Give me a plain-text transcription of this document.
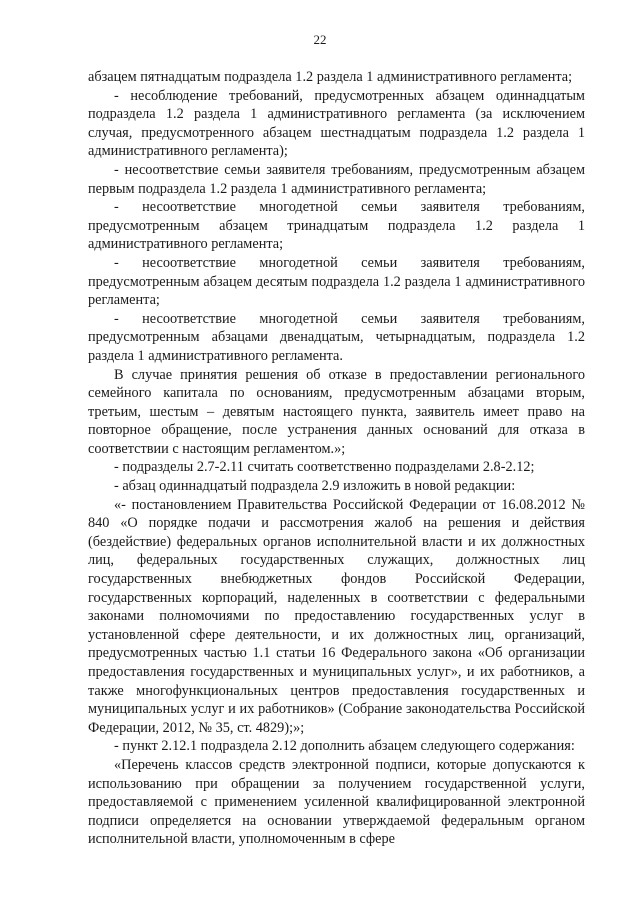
22

абзацем пятнадцатым подраздела 1.2 раздела 1 административного регламента;

- несоблюдение требований, предусмотренных абзацем одиннадцатым подраздела 1.2 раздела 1 административного регламента (за исключением случая, предусмотренного абзацем шестнадцатым подраздела 1.2 раздела 1 административного регламента);

- несоответствие семьи заявителя требованиям, предусмотренным абзацем первым подраздела 1.2 раздела 1 административного регламента;

- несоответствие многодетной семьи заявителя требованиям, предусмотренным абзацем тринадцатым подраздела 1.2 раздела 1 административного регламента;

- несоответствие многодетной семьи заявителя требованиям, предусмотренным абзацем десятым подраздела 1.2 раздела 1 административного регламента;

- несоответствие многодетной семьи заявителя требованиям, предусмотренным абзацами двенадцатым, четырнадцатым, подраздела 1.2 раздела 1 административного регламента.

В случае принятия решения об отказе в предоставлении регионального семейного капитала по основаниям, предусмотренным абзацами вторым, третьим, шестым – девятым настоящего пункта, заявитель имеет право на повторное обращение, после устранения данных оснований для отказа в соответствии с настоящим регламентом.»;

- подразделы 2.7-2.11 считать соответственно подразделами 2.8-2.12;

- абзац одиннадцатый подраздела 2.9 изложить в новой редакции:

«- постановлением Правительства Российской Федерации от 16.08.2012 № 840 «О порядке подачи и рассмотрения жалоб на решения и действия (бездействие) федеральных органов исполнительной власти и их должностных лиц, федеральных государственных служащих, должностных лиц государственных внебюджетных фондов Российской Федерации, государственных корпораций, наделенных в соответствии с федеральными законами полномочиями по предоставлению государственных услуг в установленной сфере деятельности, и их должностных лиц, организаций, предусмотренных частью 1.1 статьи 16 Федерального закона «Об организации предоставления государственных и муниципальных услуг», и их работников, а также многофункциональных центров предоставления государственных и муниципальных услуг и их работников» (Собрание законодательства Российской Федерации, 2012, № 35, ст. 4829);»;

- пункт 2.12.1 подраздела 2.12 дополнить абзацем следующего содержания:

«Перечень классов средств электронной подписи, которые допускаются к использованию при обращении за получением государственной услуги, предоставляемой с применением усиленной квалифицированной электронной подписи определяется на основании утверждаемой федеральным органом исполнительной власти, уполномоченным в сфере
